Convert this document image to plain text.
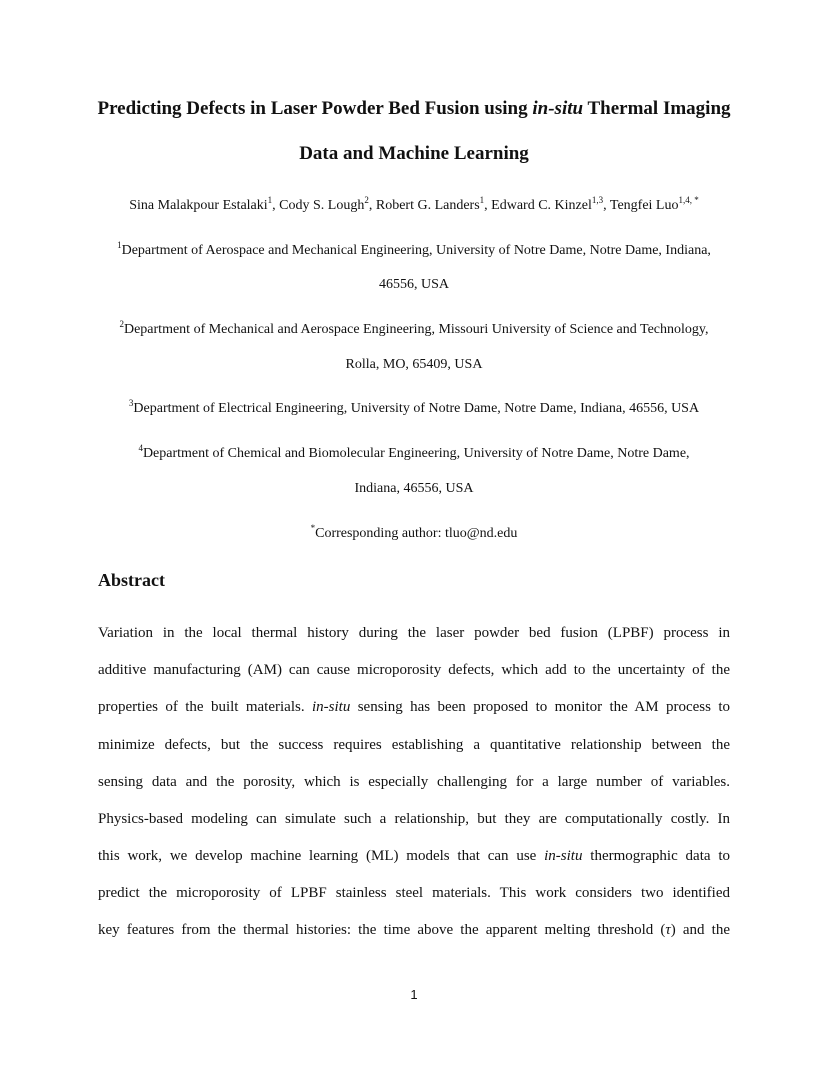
Predicting Defects in Laser Powder Bed Fusion using in-situ Thermal Imaging
Data and Machine Learning
Sina Malakpour Estalaki$^1$, Cody S. Lough$^2$, Robert G. Landers$^1$, Edward C. Kinzel$^{1,3}$, Tengfei Luo$^{1,4, *}$
$^1$Department of Aerospace and Mechanical Engineering, University of Notre Dame, Notre Dame, Indiana,
46556, USA
$^2$Department of Mechanical and Aerospace Engineering, Missouri University of Science and Technology,
Rolla, MO, 65409, USA
$^3$Department of Electrical Engineering, University of Notre Dame, Notre Dame, Indiana, 46556, USA
$^4$Department of Chemical and Biomolecular Engineering, University of Notre Dame, Notre Dame,
Indiana, 46556, USA
*Corresponding author: tluo@nd.edu
Abstract
Variation in the local thermal history during the laser powder bed fusion (LPBF) process in
additive manufacturing (AM) can cause microporosity defects, which add to the uncertainty of the
properties of the built materials. in-situ sensing has been proposed to monitor the AM process to
minimize defects, but the success requires establishing a quantitative relationship between the
sensing data and the porosity, which is especially challenging for a large number of variables.
Physics-based modeling can simulate such a relationship, but they are computationally costly. In
this work, we develop machine learning (ML) models that can use in-situ thermographic data to
predict the microporosity of LPBF stainless steel materials. This work considers two identified
key features from the thermal histories: the time above the apparent melting threshold (τ) and the
1
